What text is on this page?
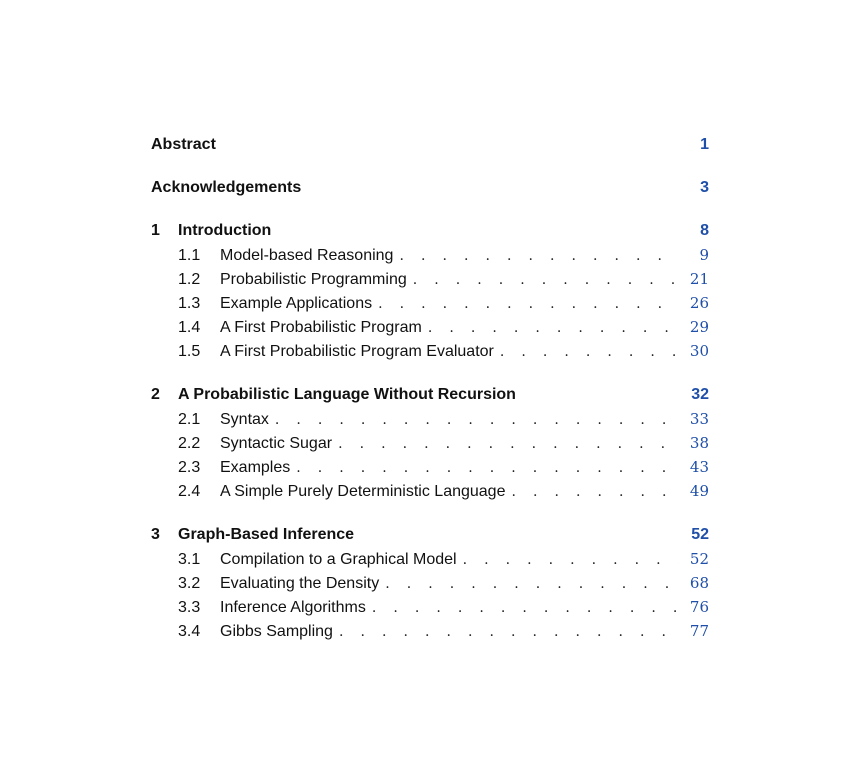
Abstract	1
Acknowledgements	3
1	Introduction	8
1.1	Model-based Reasoning . . .	9
1.2	Probabilistic Programming . . .	21
1.3	Example Applications . . .	26
1.4	A First Probabilistic Program . . .	29
1.5	A First Probabilistic Program Evaluator . . .	30
2	A Probabilistic Language Without Recursion	32
2.1	Syntax . . .	33
2.2	Syntactic Sugar . . .	38
2.3	Examples . . .	43
2.4	A Simple Purely Deterministic Language . . .	49
3	Graph-Based Inference	52
3.1	Compilation to a Graphical Model . . .	52
3.2	Evaluating the Density . . .	68
3.3	Inference Algorithms . . .	76
3.4	Gibbs Sampling . . .	77
